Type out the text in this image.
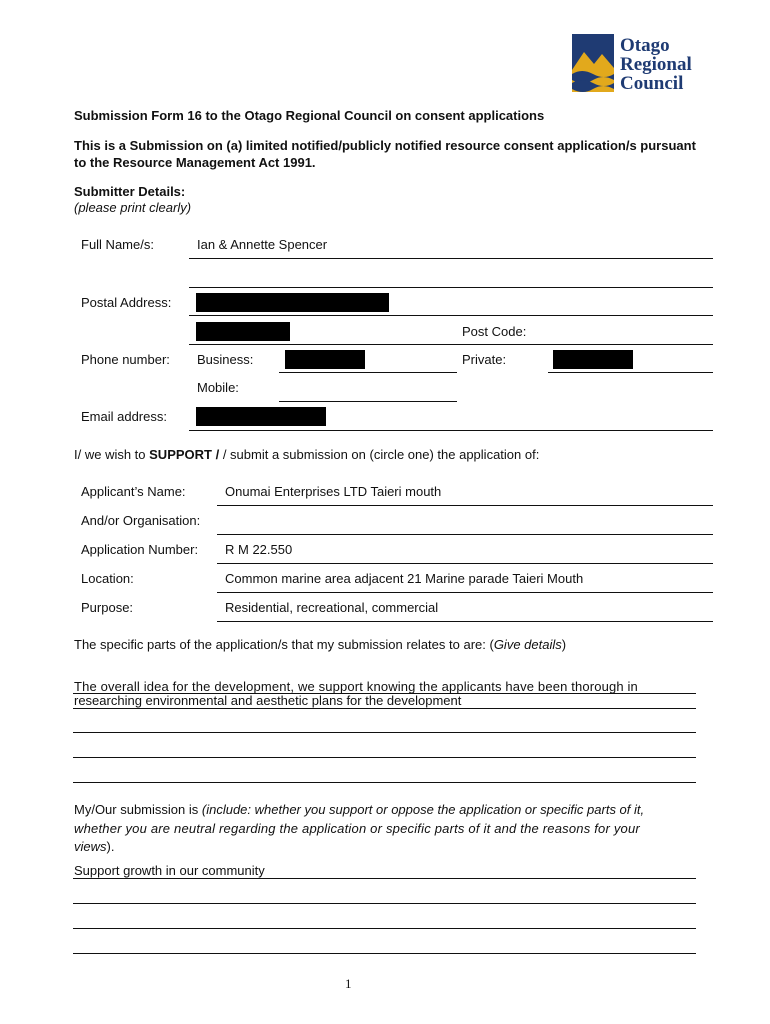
Otago
Regional
Council
Submission Form 16 to the Otago Regional Council on consent applications
This is a Submission on (a) limited notified/publicly notified resource consent application/s pursuant to the Resource Management Act 1991.
Submitter Details:
(please print clearly)
Full Name/s:	Ian & Annette Spencer
Postal Address:
Post Code:
Phone number: Business:	Private:
Mobile:
Email address:
I/ we wish to SUPPORT / / submit a submission on (circle one) the application of:
Applicant’s Name:	Onumai Enterprises LTD Taieri mouth
And/or Organisation:
Application Number: R M 22.550
Location:	Common marine area adjacent 21 Marine parade Taieri Mouth
Purpose:	Residential, recreational, commercial
The specific parts of the application/s that my submission relates to are: (Give details)
The overall idea for the development, we support knowing the applicants have been thorough in
researching environmental and aesthetic plans for the development
My/Our submission is (include: whether you support or oppose the application or specific parts of it,
whether you are neutral regarding the application or specific parts of it and the reasons for your
views).
Support growth in our community
1
